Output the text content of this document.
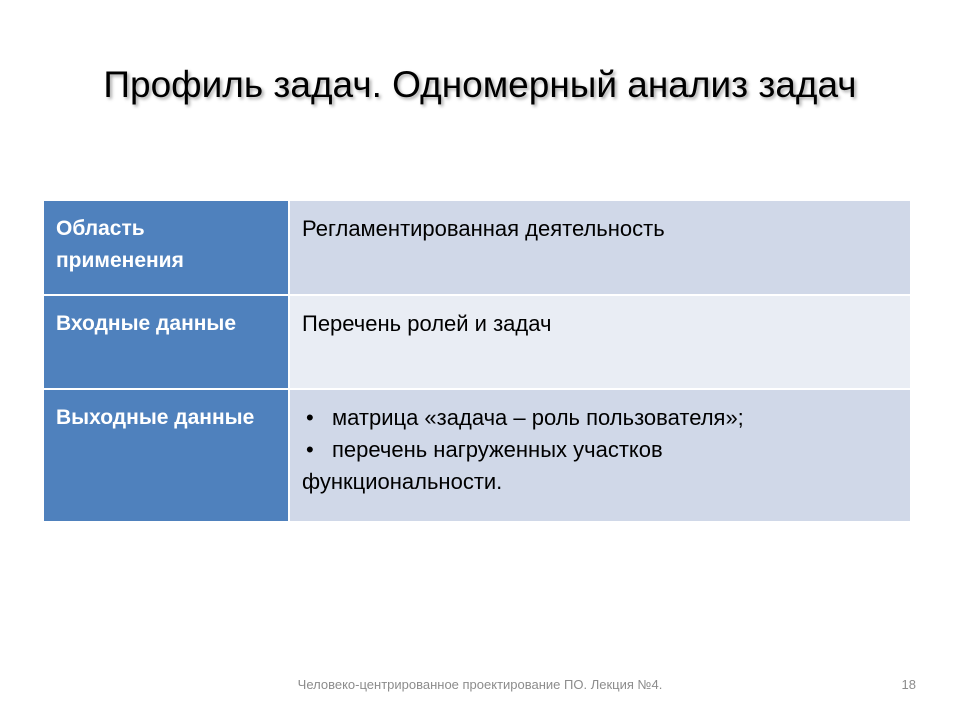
Профиль задач. Одномерный анализ задач
Область применения	Регламентированная деятельность
Входные данные	Перечень ролей и задач
Выходные данные	• матрица «задача – роль пользователя»;
• перечень нагруженных участков
функциональности.
Человеко-центрированное проектирование ПО. Лекция №4.	18
